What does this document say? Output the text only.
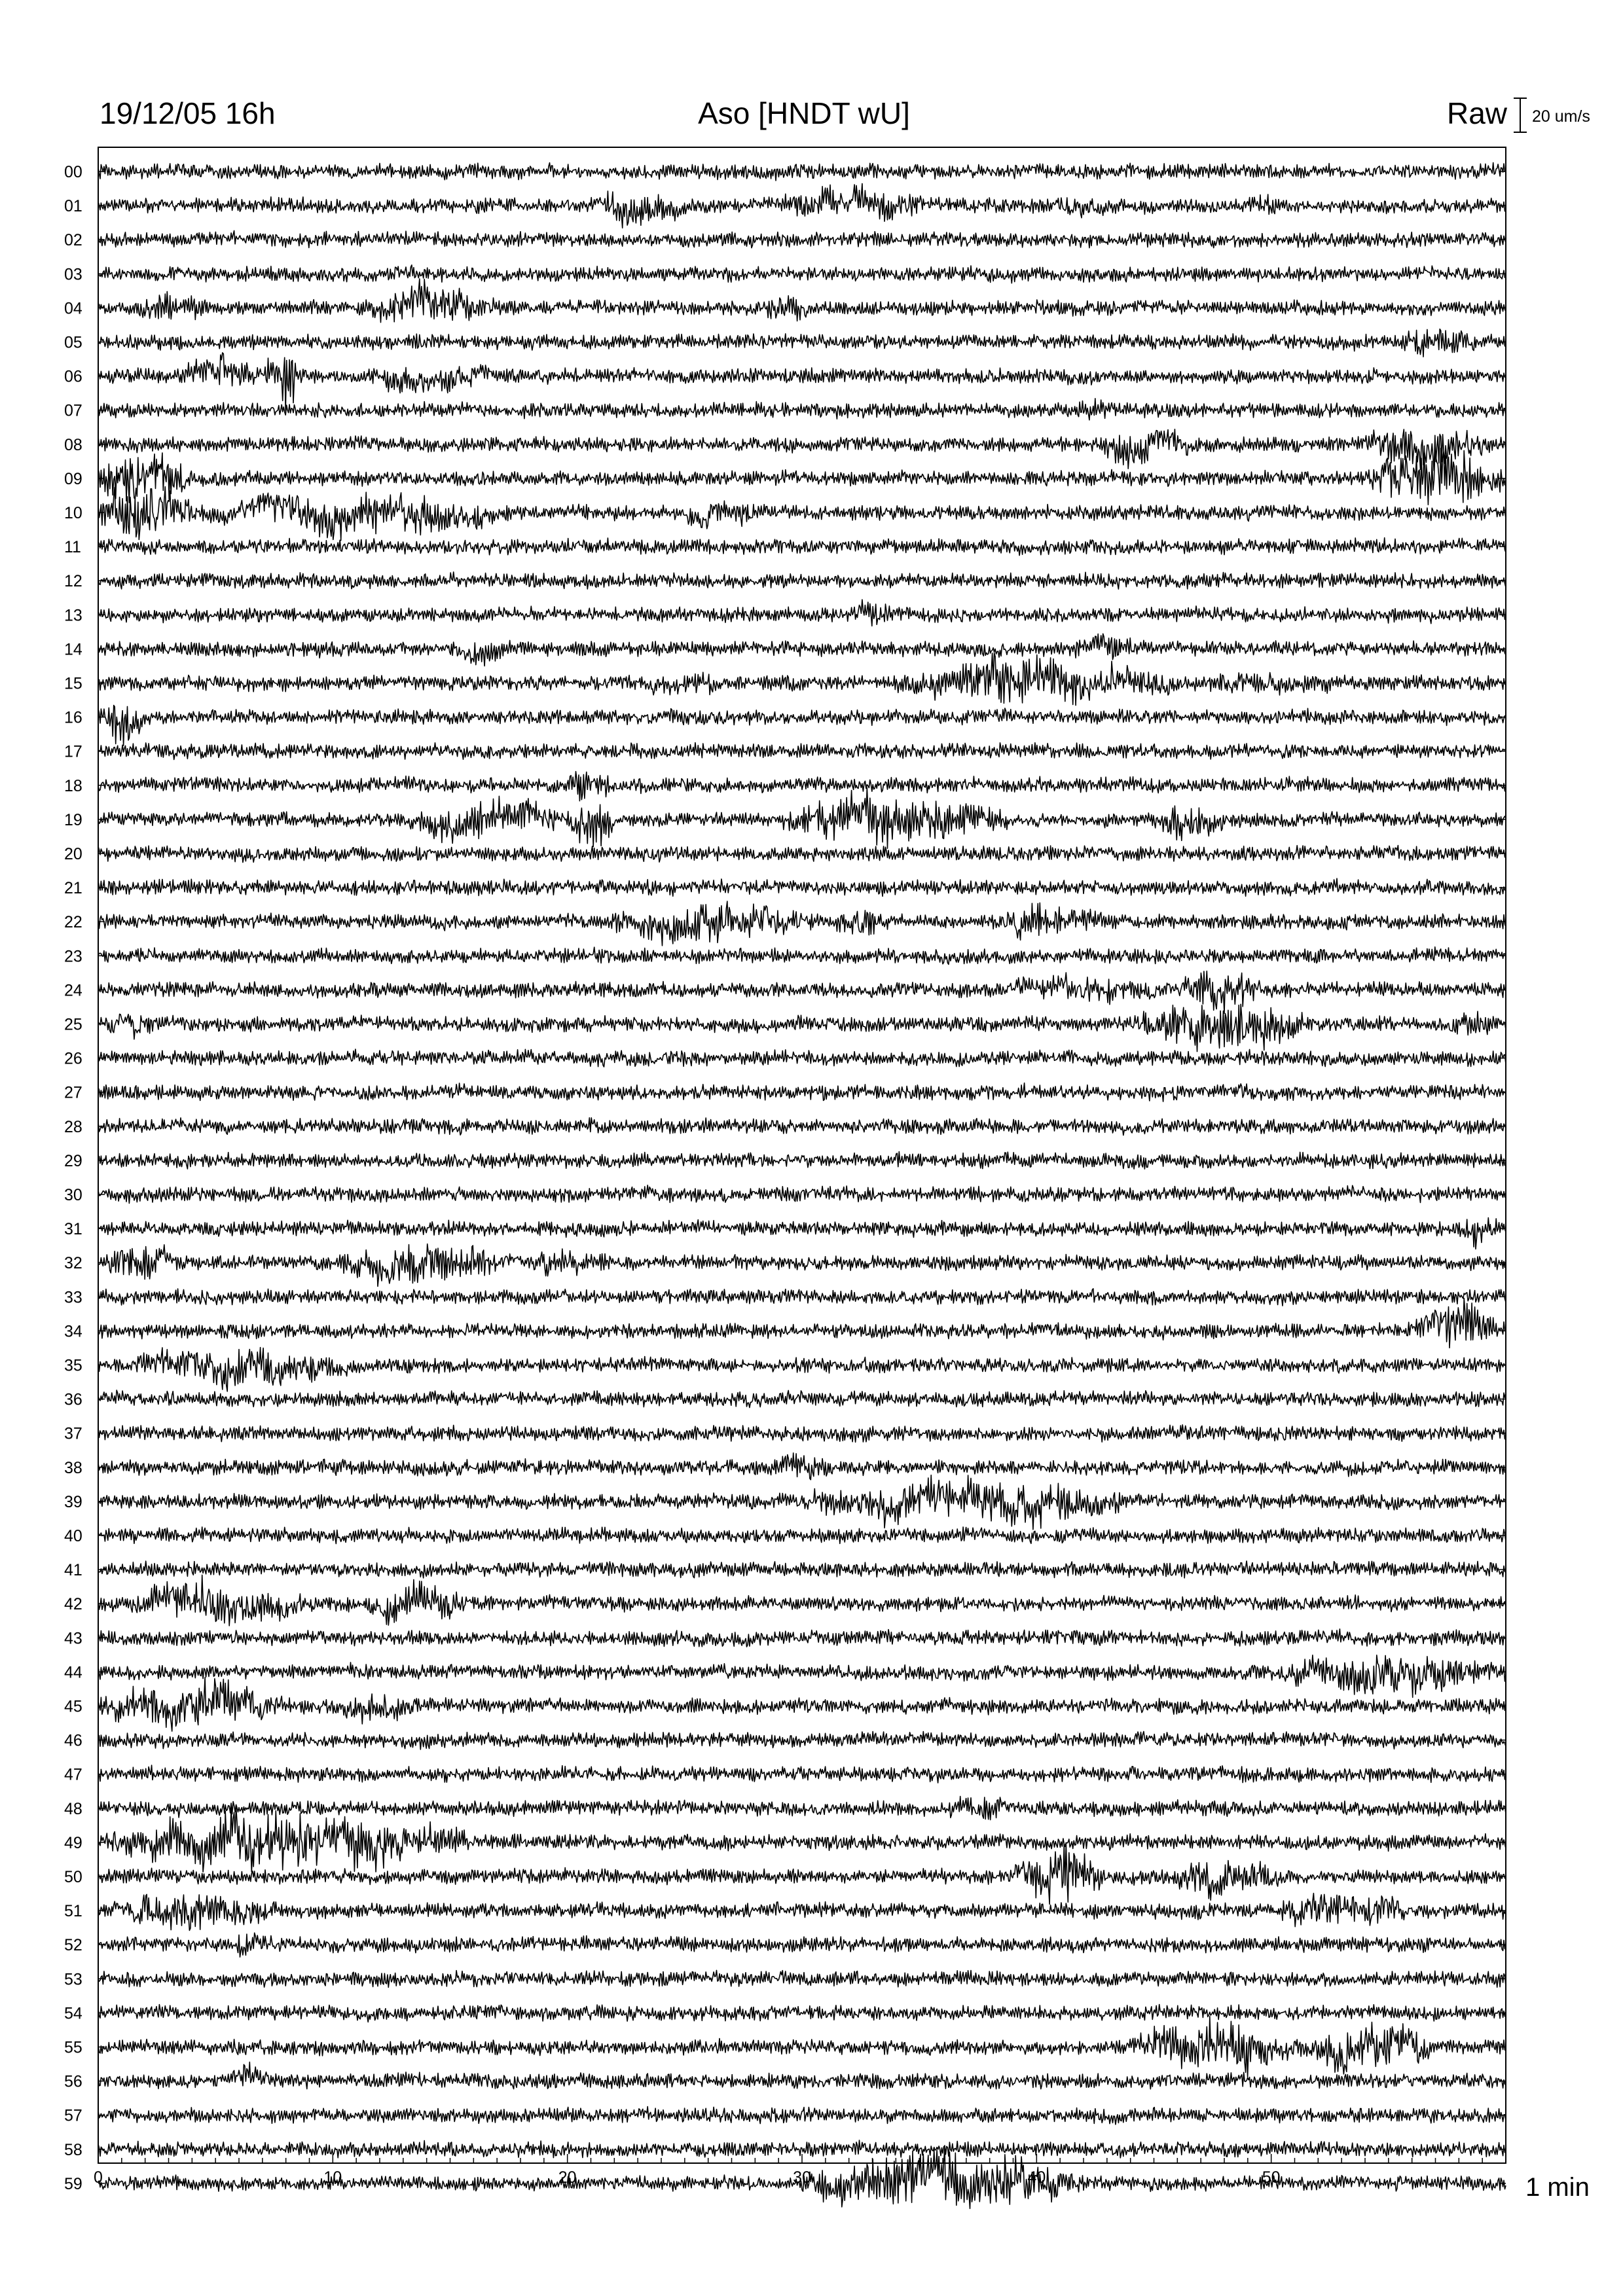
19/12/05 16h	Aso [HNDT wU]	Raw 20 um/s
00
01
02
03
04
05
06
07
08
09
10
11
12
13
14
15
16
17
18
19
20
21
22
23
24
25
26
27
28
29
30
31
32
33
34
35
36
37
38
39
40
41
42
43
44
45
46
47
48
49
50
51
52
53
54
55
56
57
58
59 0	10	20	30	40	50	1 min
